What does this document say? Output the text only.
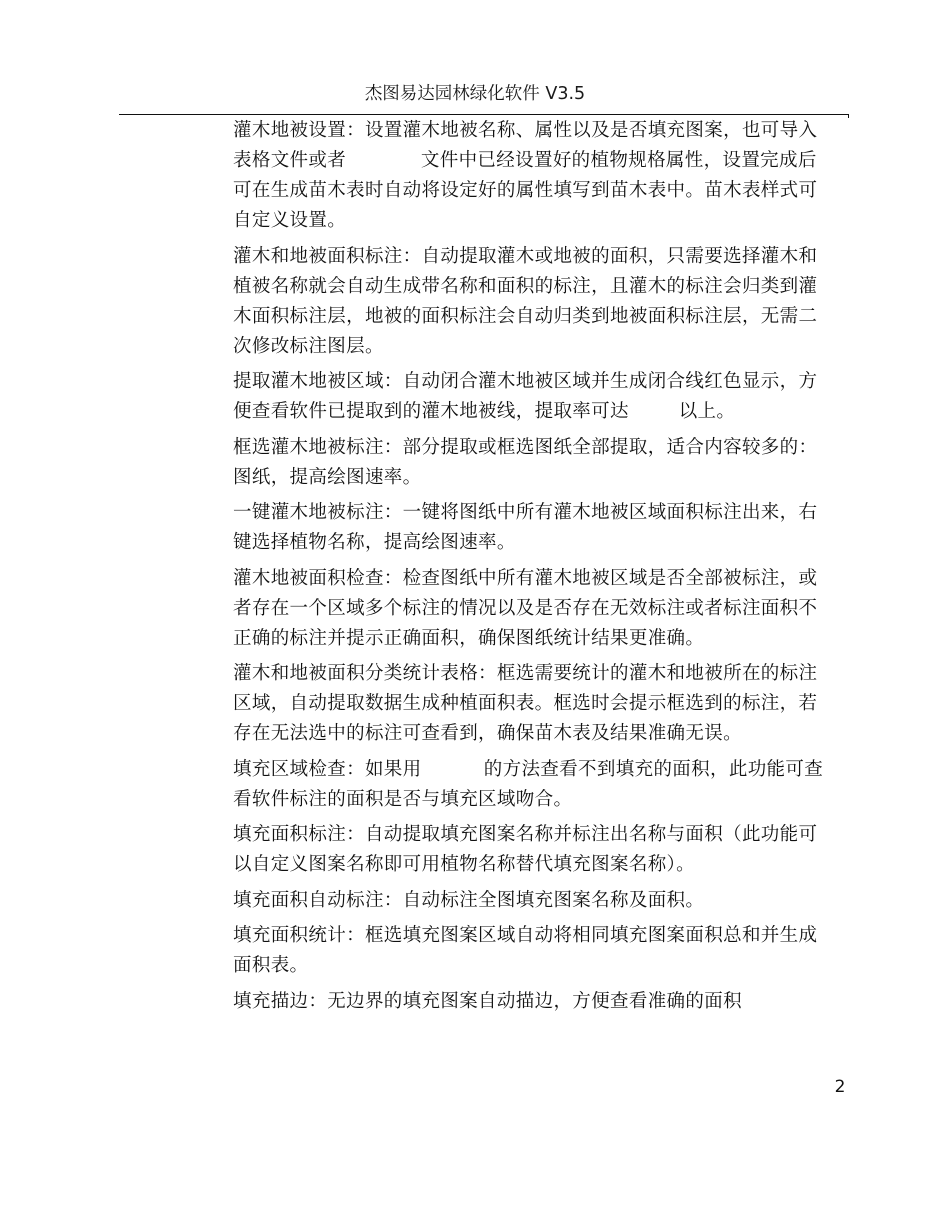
杰图易达园林绿化软件 V3.5

灌木地被设置：设置灌木地被名称、属性以及是否填充图案，也可导入          表格文件或者            文件中已经设置好的植物规格属性，设置完成后可在生成苗木表时自动将设定好的属性填写到苗木表中。苗木表样式可自定义设置。

灌木和地被面积标注：自动提取灌木或地被的面积，只需要选择灌木和植被名称就会自动生成带名称和面积的标注，且灌木的标注会归类到灌木面积标注层，地被的面积标注会自动归类到地被面积标注层，无需二次修改标注图层。

提取灌木地被区域：自动闭合灌木地被区域并生成闭合线红色显示，方便查看软件已提取到的灌木地被线，提取率可达        以上。

框选灌木地被标注：部分提取或框选图纸全部提取，适合内容较多的：图纸，提高绘图速率。

一键灌木地被标注：一键将图纸中所有灌木地被区域面积标注出来，右键选择植物名称，提高绘图速率。

灌木地被面积检查：检查图纸中所有灌木地被区域是否全部被标注，或者存在一个区域多个标注的情况以及是否存在无效标注或者标注面积不正确的标注并提示正确面积，确保图纸统计结果更准确。

灌木和地被面积分类统计表格：框选需要统计的灌木和地被所在的标注区域，自动提取数据生成种植面积表。框选时会提示框选到的标注，若存在无法选中的标注可查看到，确保苗木表及结果准确无误。

填充区域检查：如果用          的方法查看不到填充的面积，此功能可查看软件标注的面积是否与填充区域吻合。

填充面积标注：自动提取填充图案名称并标注出名称与面积（此功能可以自定义图案名称即可用植物名称替代填充图案名称）。

填充面积自动标注：自动标注全图填充图案名称及面积。

填充面积统计：框选填充图案区域自动将相同填充图案面积总和并生成面积表。

填充描边：无边界的填充图案自动描边，方便查看准确的面积

2
